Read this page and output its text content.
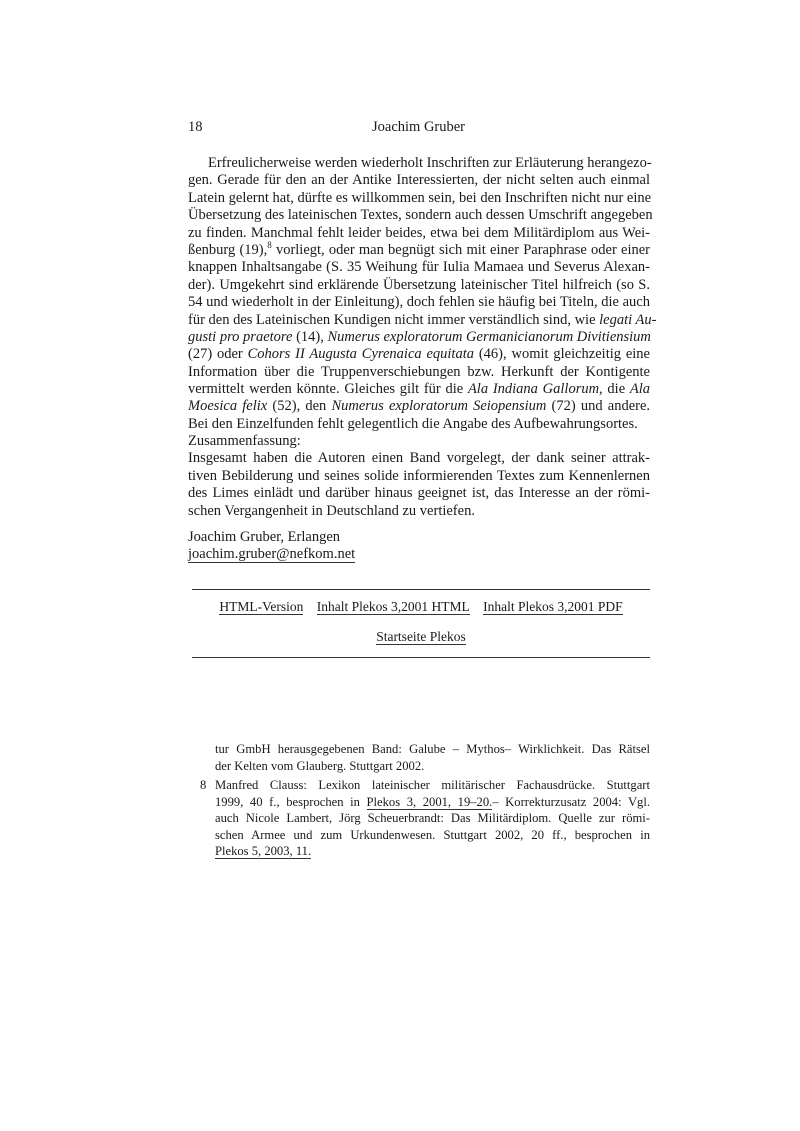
18	Joachim Gruber
Erfreulicherweise werden wiederholt Inschriften zur Erläuterung herangezo-
gen. Gerade für den an der Antike Interessierten, der nicht selten auch einmal
Latein gelernt hat, dürfte es willkommen sein, bei den Inschriften nicht nur eine
Übersetzung des lateinischen Textes, sondern auch dessen Umschrift angegeben
zu finden. Manchmal fehlt leider beides, etwa bei dem Militärdiplom aus Wei-
ßenburg (19),$^8$ vorliegt, oder man begnügt sich mit einer Paraphrase oder einer
knappen Inhaltsangabe (S. 35 Weihung für Iulia Mamaea und Severus Alexan-
der). Umgekehrt sind erklärende Übersetzung lateinischer Titel hilfreich (so S.
54 und wiederholt in der Einleitung), doch fehlen sie häufig bei Titeln, die auch
für den des Lateinischen Kundigen nicht immer verständlich sind, wie legati Au-
gusti pro praetore (14), Numerus exploratorum Germanicianorum Divitiensium
(27) oder Cohors II Augusta Cyrenaica equitata (46), womit gleichzeitig eine
Information über die Truppenverschiebungen bzw. Herkunft der Kontigente
vermittelt werden könnte. Gleiches gilt für die Ala Indiana Gallorum, die Ala
Moesica felix (52), den Numerus exploratorum Seiopensium (72) und andere.
Bei den Einzelfunden fehlt gelegentlich die Angabe des Aufbewahrungsortes.
Zusammenfassung:
Insgesamt haben die Autoren einen Band vorgelegt, der dank seiner attrak-
tiven Bebilderung und seines solide informierenden Textes zum Kennenlernen
des Limes einlädt und darüber hinaus geeignet ist, das Interesse an der römi-
schen Vergangenheit in Deutschland zu vertiefen.
Joachim Gruber, Erlangen
joachim.gruber@nefkom.net
HTML-Version Inhalt Plekos 3,2001 HTML Inhalt Plekos 3,2001 PDF
Startseite Plekos
tur GmbH herausgegebenen Band: Galube – Mythos– Wirklichkeit. Das Rätsel
der Kelten vom Glauberg. Stuttgart 2002.
8 Manfred Clauss: Lexikon lateinischer militärischer Fachausdrücke. Stuttgart
1999, 40 f., besprochen in Plekos 3, 2001, 19–20.– Korrekturzusatz 2004: Vgl.
auch Nicole Lambert, Jörg Scheuerbrandt: Das Militärdiplom. Quelle zur römi-
schen Armee und zum Urkundenwesen. Stuttgart 2002, 20 ff., besprochen in
Plekos 5, 2003, 11.
